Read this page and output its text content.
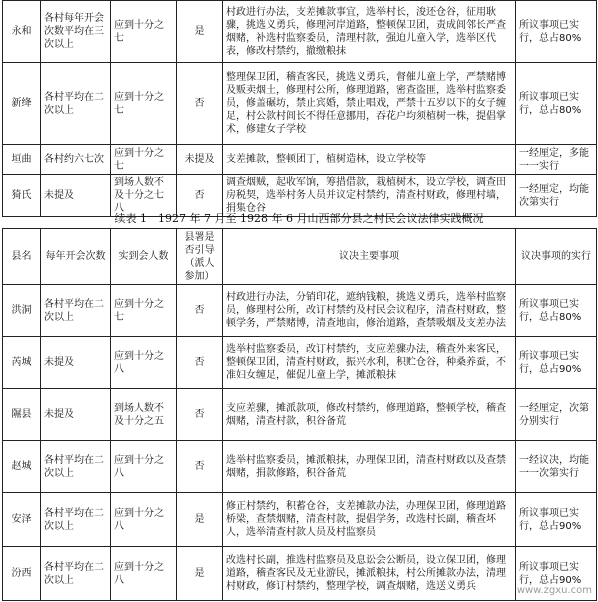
永和	各村每年开会次数平均在三次以上	应到十分之七	是	村政进行办法，支差摊款事宜，选举村长，浚还仓谷，征用耿骤，挑选义勇兵，修理河岸道路，整顿保卫团，责成闾邻长严查烟赌，补选村监察委员，清理村款，强迫儿童入学，选举区代表，修改村禁约，撤缴粮抹	所议事项已实行，总占80%
新绛	各村平均在二次以上	应到十分之七	否	整理保卫团，稽查客民，挑选义勇兵，督催儿童上学，严禁赌博及贩卖烟土，修理村公所，修理道路，密查盗匪，选举村监察委员，修盖碾坊，禁止宾婚，禁止唱戏，严禁十五岁以下的女子缠足，村公款村闾长不得任意挪用，吞花户均须植树一株，提倡掌术，修建女子学校	所议事项已实行，总占80%
垣曲	各村约六七次	应到十分之七	未提及	支差摊款，整顿团丁，植树造林，设立学校等	一经厘定，多能一一实行
猗氏	未提及	到场人数不及十分之七八	否	调查烟贼，起收军饷，筹措借款，栽植树木，设立学校，调查田房税契，选举村务人员并议定村禁约，清查村财政，修理村墙，捐集仓谷	一经厘定，均能次第实行
续表 1　1927 年 7 月至 1928 年 6 月山西部分县之村民会议法律实践概况
县名	每年开会次数	实到会人数	县署是否引导（派人参加）	议决主要事项	议决事项的实行
洪洞	各村平均在二次以上	应到十分之七	否	村政进行办法，分销印花，遮纳钱粮，挑选义勇兵，选举村监察员，修理村公所，改订村禁约及村民会议程序，清查村财政，整顿学务，严禁赌博，清查地亩，修治道路，查禁吸烟及支差办法	所议事项已实行，总占80%
芮城	未提及	应到十分之八	否	选举村监察委员，改订村禁约，支应差骤办法，稽查外来客民，整顿保卫团，清查村财政，振兴水利，积贮仓谷，种桑养蚕，不准妇女缠足，催促儿童上学，摊派粮抹	所议事项已实行，总占90%
隰县	未提及	到场人数不及十分之五	否	支应差骤，摊派款项，修改村禁约，修理道路，整顿学校，稽查烟赌，清查村款，积谷备荒	一经厘定，次第分别实行
赵城	各村平均在二次以上	应到十分之八	否	选举村监察委员，摊派粮抹，办理保卫团，清查村财政以及查禁烟赌，捐款修路，积谷备荒	一经议决，均能一一次第实行
安泽	各村平均在二次以上	应到十分之八	是	修正村禁约，积蓄仓谷，支差摊款办法，办理保卫团，修理道路桥梁，查禁烟赌，清查村款，提倡学务，改选村长副，稽查坏人，选举清查村款人员及村监察员	所议事项已实行，总占90%
汾西	各村平均在二次以上	应到十分之八	是	改选村长副，推选村监察员及息讼会公断员，设立保卫团，修理道路，稽查客民及无业游民，摊派粮抹，村公所摊款办法，清理村财政，修订村禁约，整理学校，调查烟赌，选送义勇兵	所议事项已实行，总占90%
www.zgxu.com
